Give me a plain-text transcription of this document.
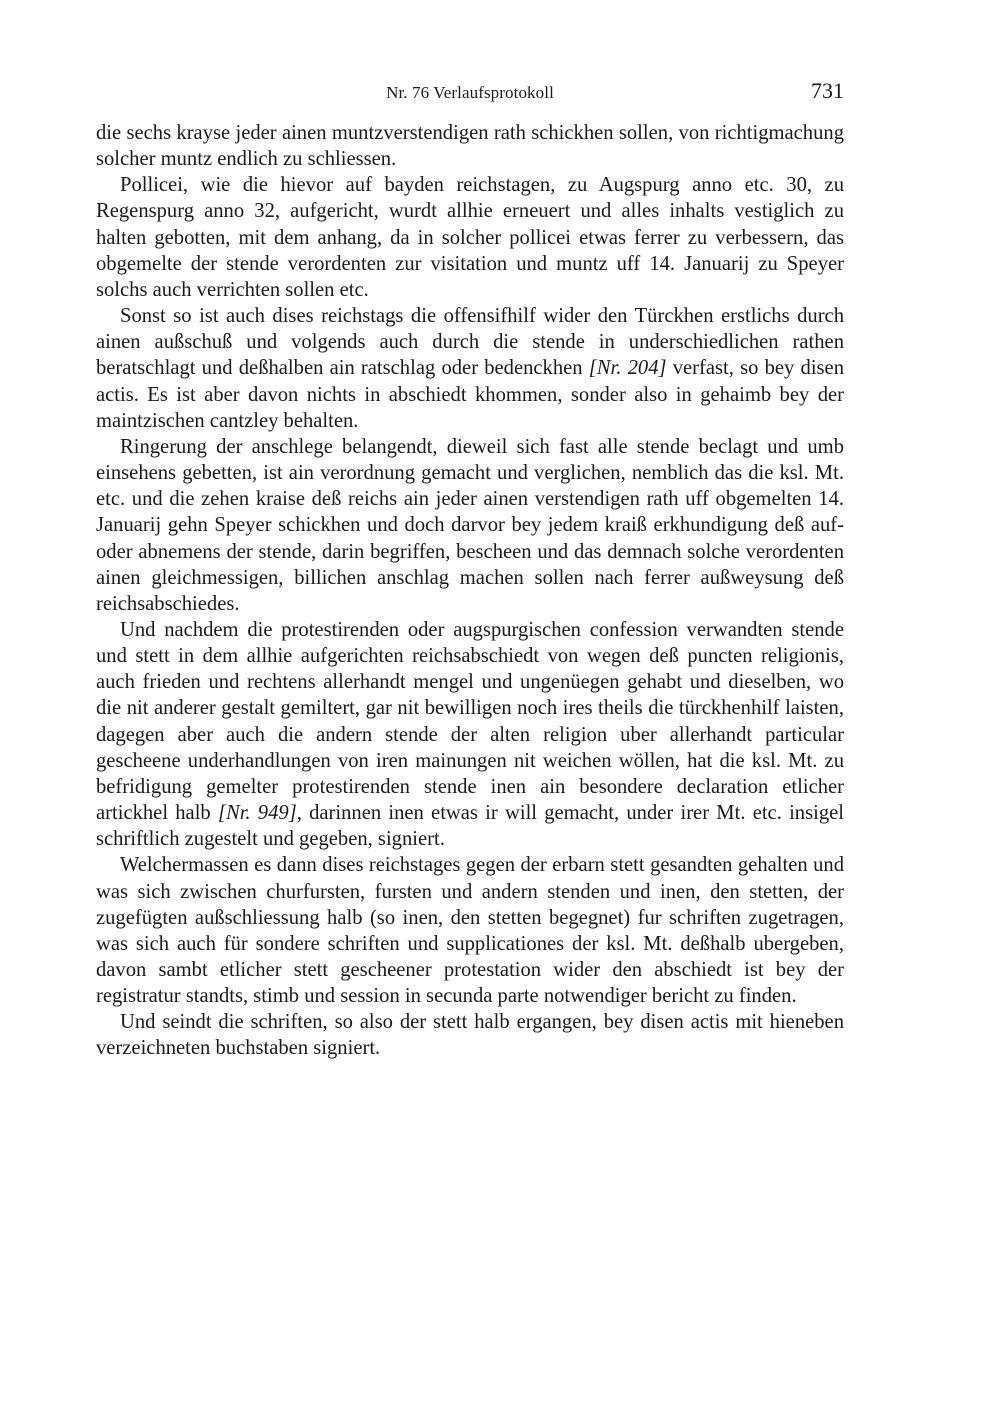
Nr. 76 Verlaufsprotokoll	731

die sechs krayse jeder ainen muntzverstendigen rath schickhen sollen, von richtigmachung solcher muntz endlich zu schliessen.

Pollicei, wie die hievor auf bayden reichstagen, zu Augspurg anno etc. 30, zu Regenspurg anno 32, aufgericht, wurdt allhie erneuert und alles inhalts vestiglich zu halten gebotten, mit dem anhang, da in solcher pollicei etwas ferrer zu verbessern, das obgemelte der stende verordenten zur visitation und muntz uff 14. Januarij zu Speyer solchs auch verrichten sollen etc.

Sonst so ist auch dises reichstags die offensifhilf wider den Türckhen erstlichs durch ainen außschuß und volgends auch durch die stende in underschiedlichen rathen beratschlagt und deßhalben ain ratschlag oder bedenckhen [Nr. 204] verfast, so bey disen actis. Es ist aber davon nichts in abschiedt khommen, sonder also in gehaimb bey der maintzischen cantzley behalten.

Ringerung der anschlege belangendt, dieweil sich fast alle stende beclagt und umb einsehens gebetten, ist ain verordnung gemacht und verglichen, nemblich das die ksl. Mt. etc. und die zehen kraise deß reichs ain jeder ainen verstendigen rath uff obgemelten 14. Januarij gehn Speyer schickhen und doch darvor bey jedem kraiß erkhundigung deß auf- oder abnemens der stende, darin begriffen, bescheen und das demnach solche verordenten ainen gleichmessigen, billichen anschlag machen sollen nach ferrer außweysung deß reichsabschiedes.

Und nachdem die protestirenden oder augspurgischen confession verwandten stende und stett in dem allhie aufgerichten reichsabschiedt von wegen deß puncten religionis, auch frieden und rechtens allerhandt mengel und ungenüegen gehabt und dieselben, wo die nit anderer gestalt gemiltert, gar nit bewilligen noch ires theils die türckhenhilf laisten, dagegen aber auch die andern stende der alten religion uber allerhandt particular gescheene underhandlungen von iren mainungen nit weichen wöllen, hat die ksl. Mt. zu befridigung gemelter protestirenden stende inen ain besondere declaration etlicher artickhel halb [Nr. 949], darinnen inen etwas ir will gemacht, under irer Mt. etc. insigel schriftlich zugestelt und gegeben, signiert.

Welchermassen es dann dises reichstages gegen der erbarn stett gesandten gehalten und was sich zwischen churfursten, fursten und andern stenden und inen, den stetten, der zugefügten außschliessung halb (so inen, den stetten begegnet) fur schriften zugetragen, was sich auch für sondere schriften und supplicationes der ksl. Mt. deßhalb ubergeben, davon sambt etlicher stett gescheener protestation wider den abschiedt ist bey der registratur standts, stimb und session in secunda parte notwendiger bericht zu finden.

Und seindt die schriften, so also der stett halb ergangen, bey disen actis mit hieneben verzeichneten buchstaben signiert.
